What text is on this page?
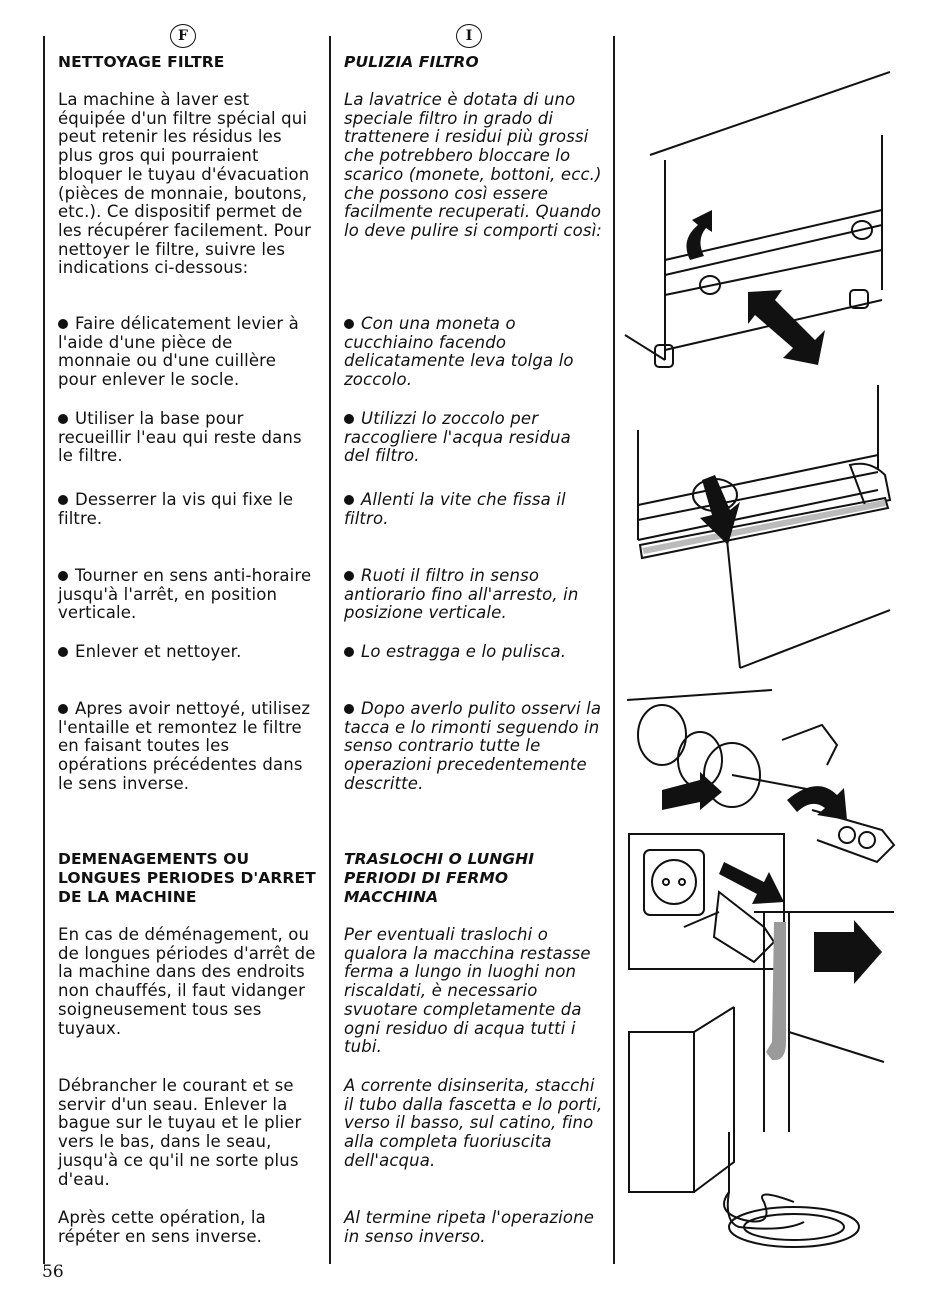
F	I
NETTOYAGE FILTRE

La machine à laver est équipée d'un filtre spécial qui peut retenir les résidus les plus gros qui pourraient bloquer le tuyau d'évacuation (pièces de monnaie, boutons, etc.). Ce dispositif permet de les récupérer facilement. Pour nettoyer le filtre, suivre les indications ci-dessous:

Faire délicatement levier à l'aide d'une pièce de monnaie ou d'une cuillère pour enlever le socle.

Utiliser la base pour recueillir l'eau qui reste dans le filtre.

Desserrer la vis qui fixe le filtre.

Tourner en sens anti-horaire jusqu'à l'arrêt, en position verticale.

Enlever et nettoyer.

Apres avoir nettoyé, utilisez l'entaille et remontez le filtre en faisant toutes les opérations précédentes dans le sens inverse.

DEMENAGEMENTS OU LONGUES PERIODES D'ARRET DE LA MACHINE

En cas de déménagement, ou de longues périodes d'arrêt de la machine dans des endroits non chauffés, il faut vidanger soigneusement tous ses tuyaux.

Débrancher le courant et se servir d'un seau. Enlever la bague sur le tuyau et le plier vers le bas, dans le seau, jusqu'à ce qu'il ne sorte plus d'eau.

Après cette opération, la répéter en sens inverse.

PULIZIA FILTRO

La lavatrice è dotata di uno speciale filtro in grado di trattenere i residui più grossi che potrebbero bloccare lo scarico (monete, bottoni, ecc.) che possono così essere facilmente recuperati. Quando lo deve pulire si comporti così:

Con una moneta o cucchiaino facendo delicatamente leva tolga lo zoccolo.

Utilizzi lo zoccolo per raccogliere l'acqua residua del filtro.

Allenti la vite che fissa il filtro.

Ruoti il filtro in senso antiorario fino all'arresto, in posizione verticale.

Lo estragga e lo pulisca.

Dopo averlo pulito osservi la tacca e lo rimonti seguendo in senso contrario tutte le operazioni precedentemente descritte.

TRASLOCHI O LUNGHI PERIODI DI FERMO MACCHINA

Per eventuali traslochi o qualora la macchina restasse ferma a lungo in luoghi non riscaldati, è necessario svuotare completamente da ogni residuo di acqua tutti i tubi.

A corrente disinserita, stacchi il tubo dalla fascetta e lo porti, verso il basso, sul catino, fino alla completa fuoriuscita dell'acqua.

Al termine ripeta l'operazione in senso inverso.

56
